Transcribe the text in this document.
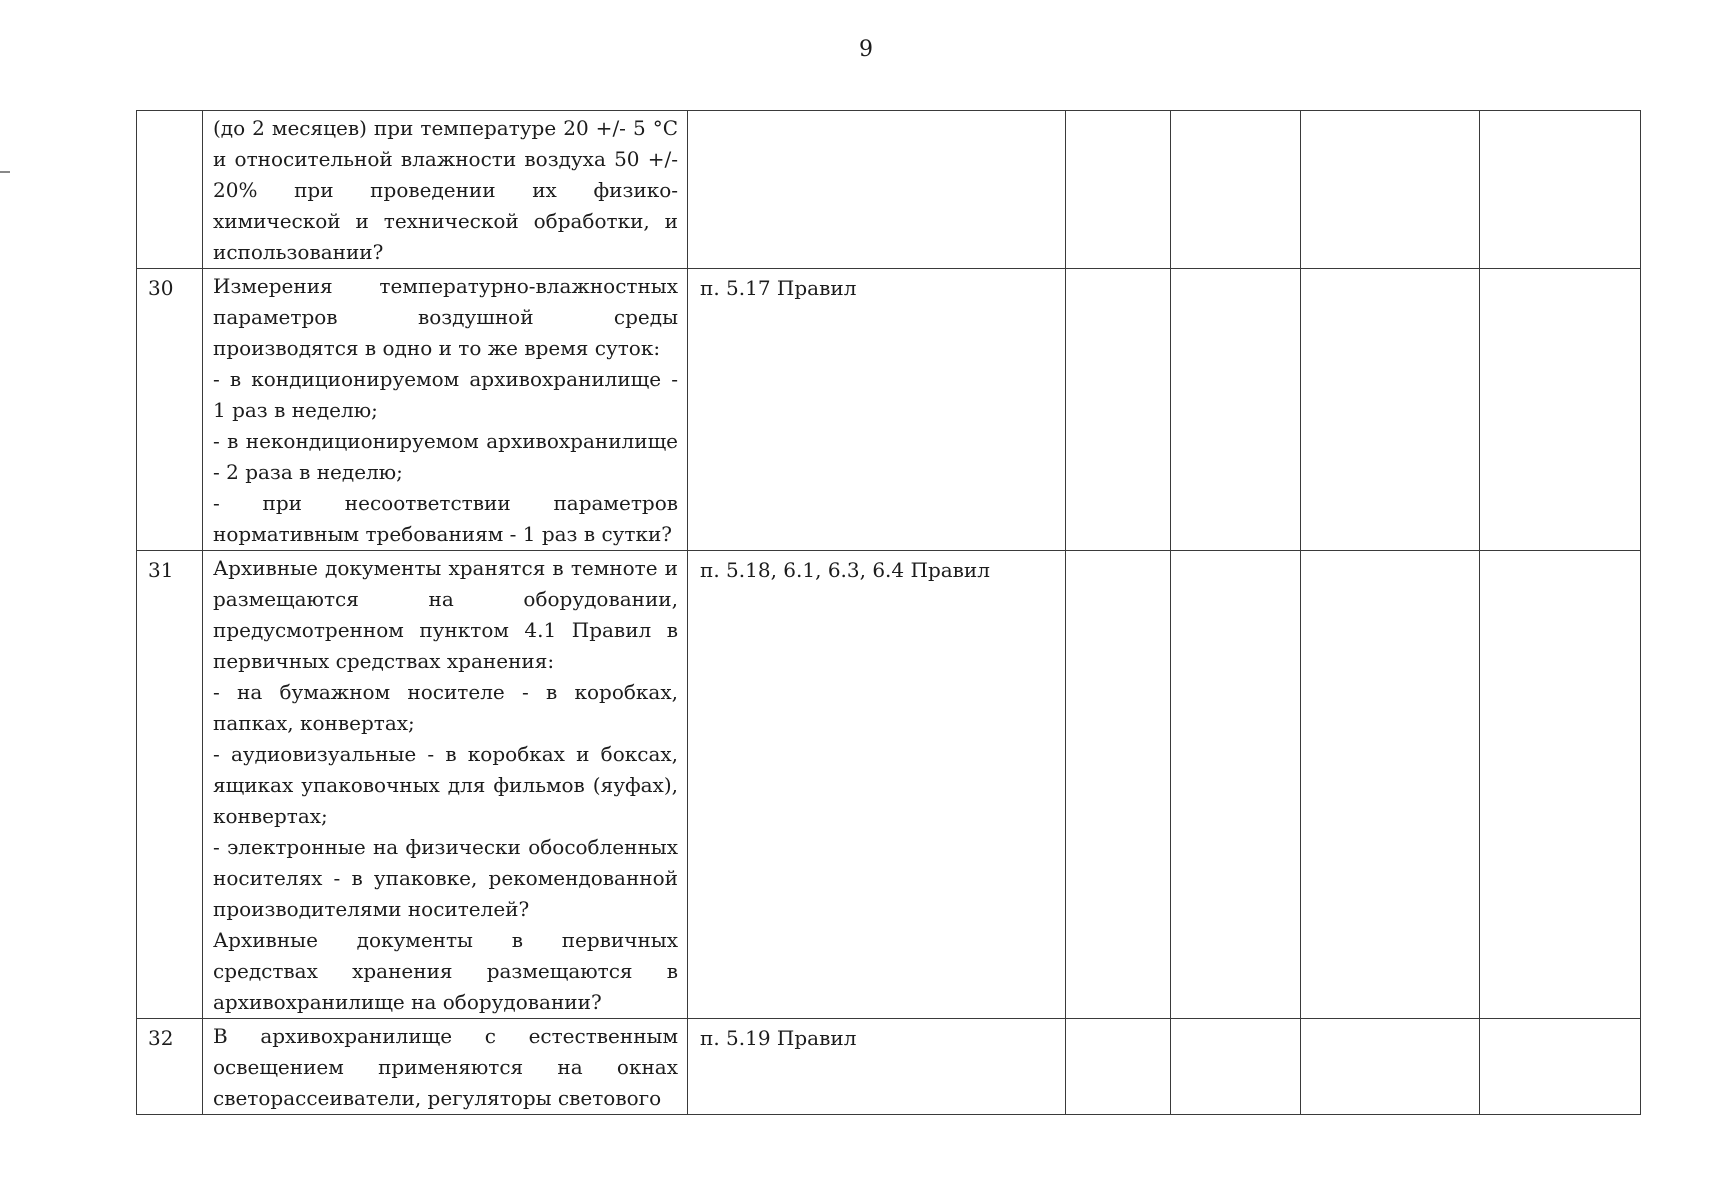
9

	(до 2 месяцев) при температуре 20 +/- 5 °С и относительной влажности воздуха 50 +/- 20% при проведении их физико-химической и технической обработки, и использовании?					

30	Измерения температурно-влажностных параметров воздушной среды производятся в одно и то же время суток:
- в кондиционируемом архивохранилище - 1 раз в неделю;
- в некондиционируемом архивохранилище - 2 раза в неделю;
- при несоответствии параметров нормативным требованиям - 1 раз в сутки?	п. 5.17 Правил				
31	Архивные документы хранятся в темноте и размещаются на оборудовании, предусмотренном пунктом 4.1 Правил в первичных средствах хранения:
- на бумажном носителе - в коробках, папках, конвертах;
- аудиовизуальные - в коробках и боксах, ящиках упаковочных для фильмов (яуфах), конвертах;
- электронные на физически обособленных носителях - в упаковке, рекомендованной производителями носителей?
Архивные документы в первичных средствах хранения размещаются в архивохранилище на оборудовании?	п. 5.18, 6.1, 6.3, 6.4 Правил				
32	В архивохранилище с естественным освещением применяются на окнах светорассеиватели, регуляторы светового	п. 5.19 Правил				
